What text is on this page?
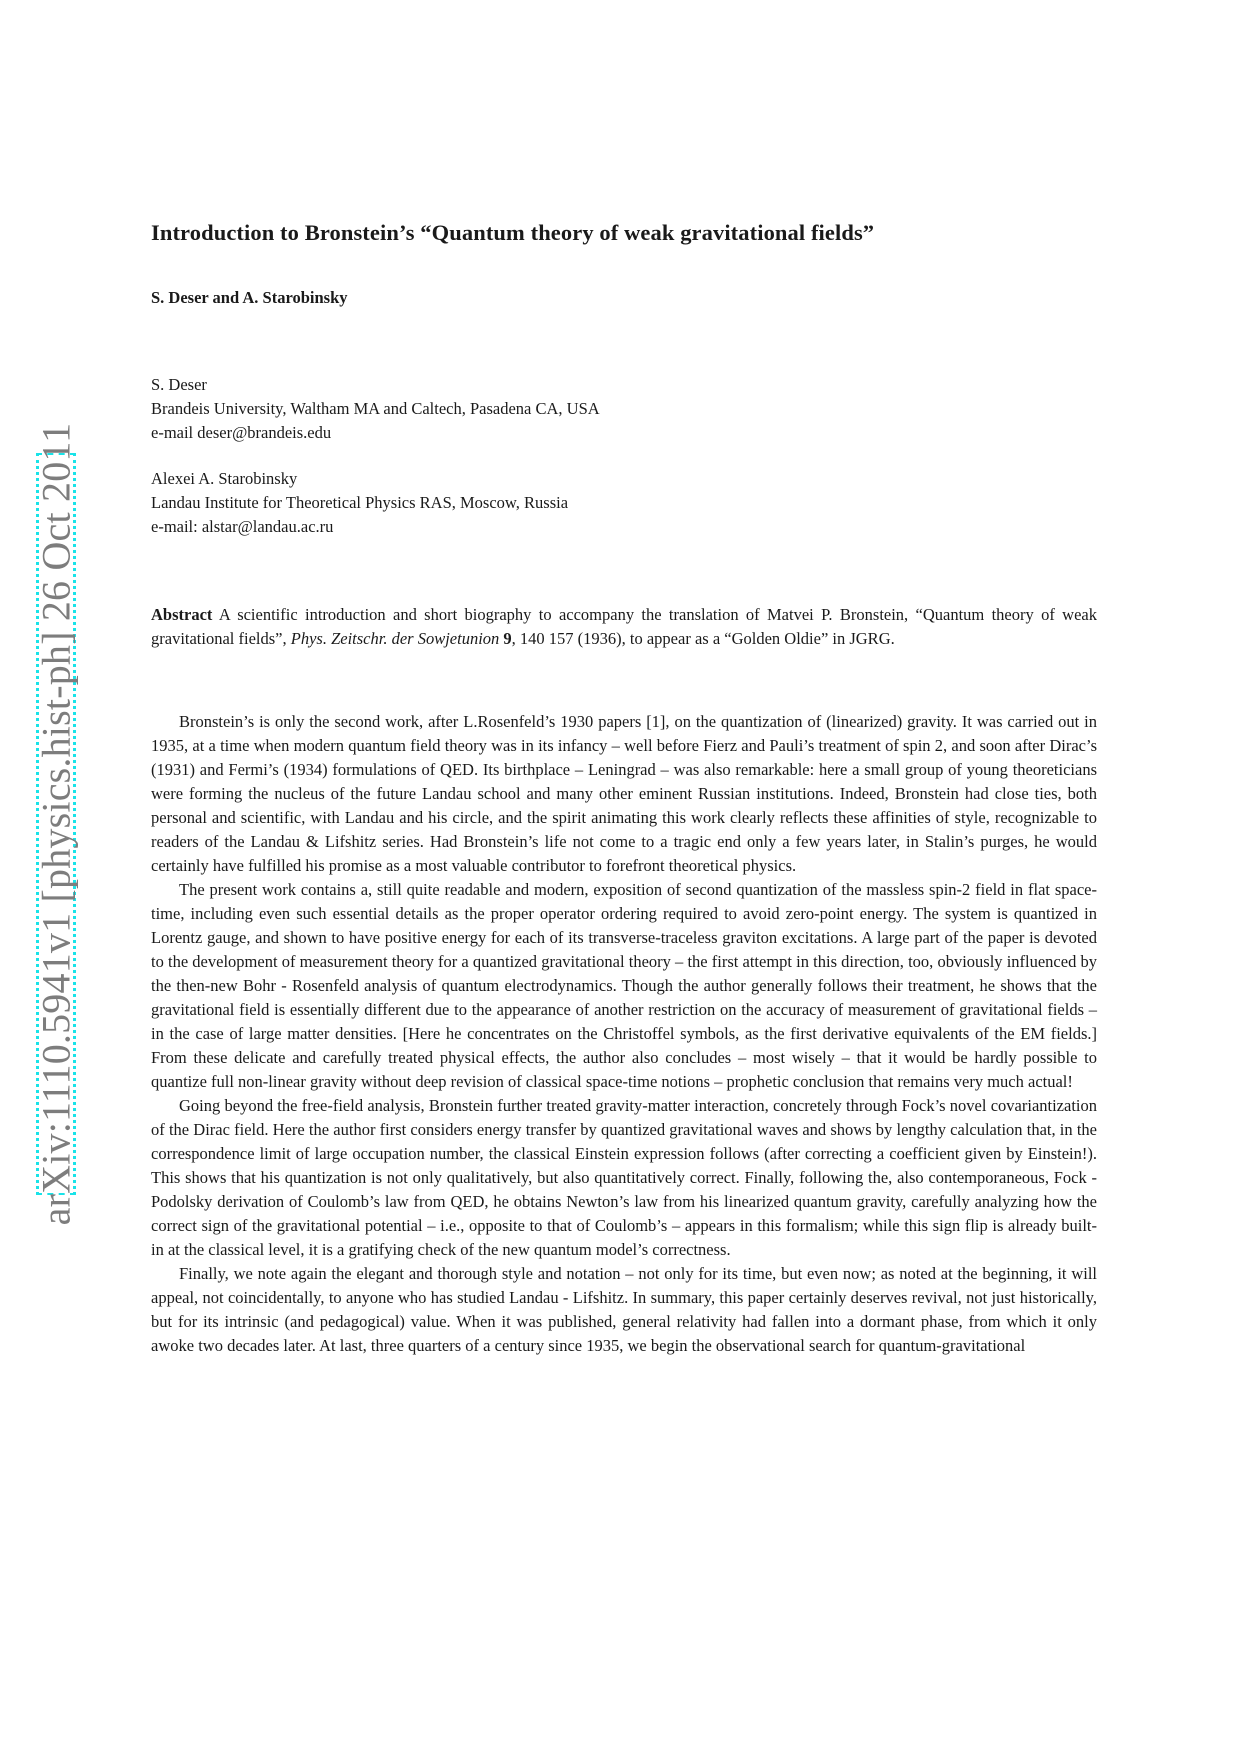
arXiv:1110.5941v1 [physics.hist-ph] 26 Oct 2011
Introduction to Bronstein’s “Quantum theory of weak gravitational fields”
S. Deser and A. Starobinsky
S. Deser
Brandeis University, Waltham MA and Caltech, Pasadena CA, USA
e-mail deser@brandeis.edu
Alexei A. Starobinsky
Landau Institute for Theoretical Physics RAS, Moscow, Russia
e-mail: alstar@landau.ac.ru
Abstract A scientific introduction and short biography to accompany the translation of Matvei P. Bronstein, “Quantum theory of weak gravitational fields”, Phys. Zeitschr. der Sowjetunion 9, 140 157 (1936), to appear as a “Golden Oldie” in JGRG.

Bronstein’s is only the second work, after L.Rosenfeld’s 1930 papers [1], on the quantization of (linearized) gravity. It was carried out in 1935, at a time when modern quantum field theory was in its infancy – well before Fierz and Pauli’s treatment of spin 2, and soon after Dirac’s (1931) and Fermi’s (1934) formulations of QED. Its birthplace – Leningrad – was also remarkable: here a small group of young theoreticians were forming the nucleus of the future Landau school and many other eminent Russian institutions. Indeed, Bronstein had close ties, both personal and scientific, with Landau and his circle, and the spirit animating this work clearly reflects these affinities of style, recognizable to readers of the Landau & Lifshitz series. Had Bronstein’s life not come to a tragic end only a few years later, in Stalin’s purges, he would certainly have fulfilled his promise as a most valuable contributor to forefront theoretical physics.

The present work contains a, still quite readable and modern, exposition of second quantization of the massless spin-2 field in flat space-time, including even such essential details as the proper operator ordering required to avoid zero-point energy. The system is quantized in Lorentz gauge, and shown to have positive energy for each of its transverse-traceless graviton excitations. A large part of the paper is devoted to the development of measurement theory for a quantized gravitational theory – the first attempt in this direction, too, obviously influenced by the then-new Bohr - Rosenfeld analysis of quantum electrodynamics. Though the author generally follows their treatment, he shows that the gravitational field is essentially different due to the appearance of another restriction on the accuracy of measurement of gravitational fields – in the case of large matter densities. [Here he concentrates on the Christoffel symbols, as the first derivative equivalents of the EM fields.] From these delicate and carefully treated physical effects, the author also concludes – most wisely – that it would be hardly possible to quantize full non-linear gravity without deep revision of classical space-time notions – prophetic conclusion that remains very much actual!

Going beyond the free-field analysis, Bronstein further treated gravity-matter interaction, concretely through Fock’s novel covariantization of the Dirac field. Here the author first considers energy transfer by quantized gravitational waves and shows by lengthy calculation that, in the correspondence limit of large occupation number, the classical Einstein expression follows (after correcting a coefficient given by Einstein!). This shows that his quantization is not only qualitatively, but also quantitatively correct. Finally, following the, also contemporaneous, Fock - Podolsky derivation of Coulomb’s law from QED, he obtains Newton’s law from his linearized quantum gravity, carefully analyzing how the correct sign of the gravitational potential – i.e., opposite to that of Coulomb’s – appears in this formalism; while this sign flip is already built-in at the classical level, it is a gratifying check of the new quantum model’s correctness.

Finally, we note again the elegant and thorough style and notation – not only for its time, but even now; as noted at the beginning, it will appeal, not coincidentally, to anyone who has studied Landau - Lifshitz. In summary, this paper certainly deserves revival, not just historically, but for its intrinsic (and pedagogical) value. When it was published, general relativity had fallen into a dormant phase, from which it only awoke two decades later. At last, three quarters of a century since 1935, we begin the observational search for quantum-gravitational
